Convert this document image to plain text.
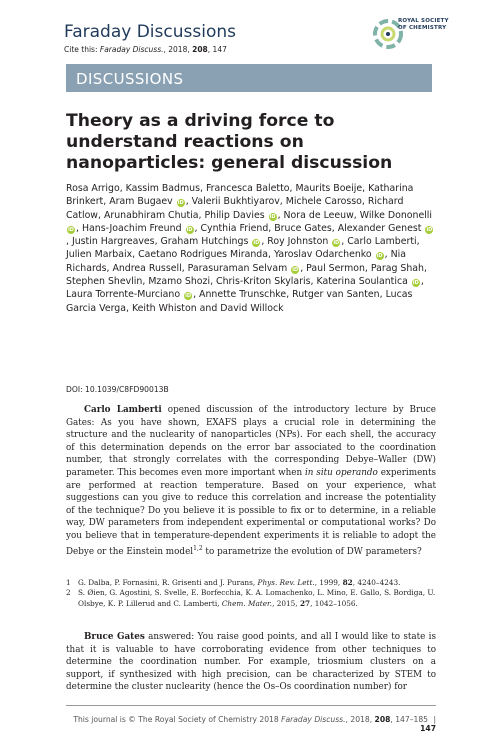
Faraday Discussions
Cite this: Faraday Discuss., 2018, 208, 147
ROYAL SOCIETY
OF CHEMISTRY
DISCUSSIONS
Theory as a driving force to understand reactions on nanoparticles: general discussion
Rosa Arrigo, Kassim Badmus, Francesca Baletto, Maurits Boeije, Katharina Brinkert, Aram Bugaev iD , Valerii Bukhtiyarov, Michele Carosso, Richard Catlow, Arunabhiram Chutia, Philip Davies iD , Nora de Leeuw, Wilke Dononelli iD , Hans-Joachim Freund iD , Cynthia Friend, Bruce Gates, Alexander Genest iD, Justin Hargreaves, Graham Hutchings iD , Roy Johnston iD , Carlo Lamberti, Julien Marbaix, Caetano Rodrigues Miranda, Yaroslav Odarchenko iD , Nia Richards, Andrea Russell, Parasuraman Selvam iD , Paul Sermon, Parag Shah, Stephen Shevlin, Mzamo Shozi, Chris-Kriton Skylaris, Katerina Soulantica iD , Laura Torrente-Murciano iD , Annette Trunschke, Rutger van Santen, Lucas Garcia Verga, Keith Whiston and David Willock
DOI: 10.1039/C8FD90013B
Carlo Lamberti opened discussion of the introductory lecture by Bruce Gates: As you have shown, EXAFS plays a crucial role in determining the structure and the nuclearity of nanoparticles (NPs). For each shell, the accuracy of this determination depends on the error bar associated to the coordination number, that strongly correlates with the corresponding Debye–Waller (DW) parameter. This becomes even more important when in situ operando experiments are performed at reaction temperature. Based on your experience, what suggestions can you give to reduce this correlation and increase the potentiality of the technique? Do you believe it is possible to fix or to determine, in a reliable way, DW parameters from independent experimental or computational works? Do you believe that in temperature-dependent experiments it is reliable to adopt the Debye or the Einstein model$^{1,2}$ to parametrize the evolution of DW parameters?
1	G. Dalba, P. Fornasini, R. Grisenti and J. Purans, Phys. Rev. Lett., 1999, 82, 4240–4243.
2	S. Øien, G. Agostini, S. Svelle, E. Borfecchia, K. A. Lomachenko, L. Mino, E. Gallo, S. Bordiga, U. Olsbye, K. P. Lillerud and C. Lamberti, Chem. Mater., 2015, 27, 1042–1056.
Bruce Gates answered: You raise good points, and all I would like to state is that it is valuable to have corroborating evidence from other techniques to determine the coordination number. For example, triosmium clusters on a support, if synthesized with high precision, can be characterized by STEM to determine the cluster nuclearity (hence the Os–Os coordination number) for
This journal is © The Royal Society of Chemistry 2018 Faraday Discuss., 2018, 208, 147–185 | 147
